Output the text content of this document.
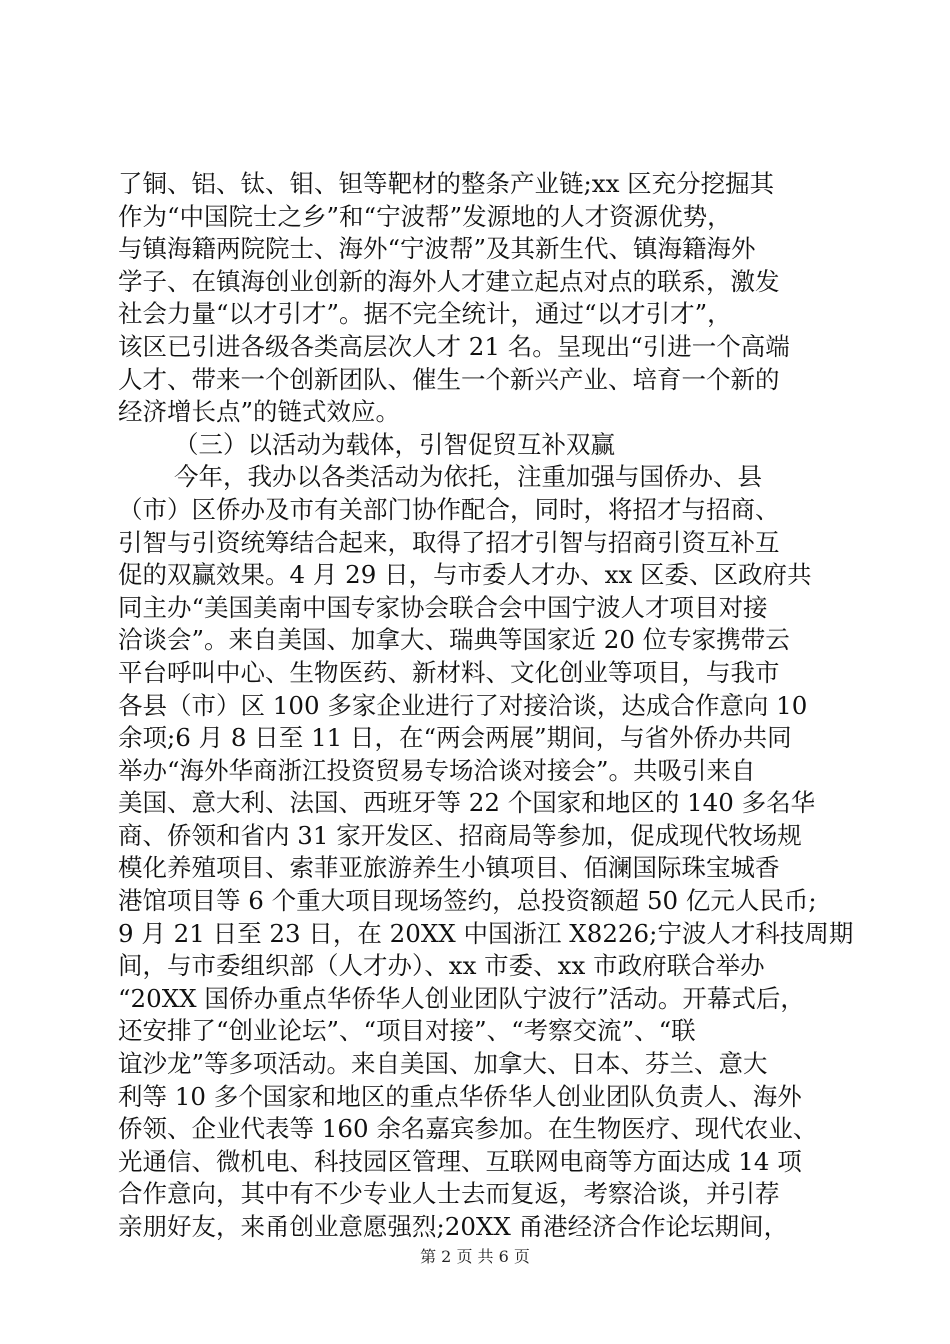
了铜、铝、钛、钼、钽等靶材的整条产业链;xx 区充分挖掘其
作为“中国院士之乡”和“宁波帮”发源地的人才资源优势，
与镇海籍两院院士、海外“宁波帮”及其新生代、镇海籍海外
学子、在镇海创业创新的海外人才建立起点对点的联系，激发
社会力量“以才引才”。据不完全统计，通过“以才引才”，
该区已引进各级各类高层次人才 21 名。呈现出“引进一个高端
人才、带来一个创新团队、催生一个新兴产业、培育一个新的
经济增长点”的链式效应。
（三）以活动为载体，引智促贸互补双赢
今年，我办以各类活动为依托，注重加强与国侨办、县
（市）区侨办及市有关部门协作配合，同时，将招才与招商、
引智与引资统筹结合起来，取得了招才引智与招商引资互补互
促的双赢效果。4 月 29 日，与市委人才办、xx 区委、区政府共
同主办“美国美南中国专家协会联合会中国宁波人才项目对接
洽谈会”。来自美国、加拿大、瑞典等国家近 20 位专家携带云
平台呼叫中心、生物医药、新材料、文化创业等项目，与我市
各县（市）区 100 多家企业进行了对接洽谈，达成合作意向 10
余项;6 月 8 日至 11 日，在“两会两展”期间，与省外侨办共同
举办“海外华商浙江投资贸易专场洽谈对接会”。共吸引来自
美国、意大利、法国、西班牙等 22 个国家和地区的 140 多名华
商、侨领和省内 31 家开发区、招商局等参加，促成现代牧场规
模化养殖项目、索菲亚旅游养生小镇项目、佰澜国际珠宝城香
港馆项目等 6 个重大项目现场签约，总投资额超 50 亿元人民币;
9 月 21 日至 23 日，在 20XX 中国浙江 X8226;宁波人才科技周期
间，与市委组织部（人才办）、xx 市委、xx 市政府联合举办
“20XX 国侨办重点华侨华人创业团队宁波行”活动。开幕式后，
还安排了“创业论坛”、“项目对接”、“考察交流”、“联
谊沙龙”等多项活动。来自美国、加拿大、日本、芬兰、意大
利等 10 多个国家和地区的重点华侨华人创业团队负责人、海外
侨领、企业代表等 160 余名嘉宾参加。在生物医疗、现代农业、
光通信、微机电、科技园区管理、互联网电商等方面达成 14 项
合作意向，其中有不少专业人士去而复返，考察洽谈，并引荐
亲朋好友，来甬创业意愿强烈;20XX 甬港经济合作论坛期间，
第 2 页 共 6 页
